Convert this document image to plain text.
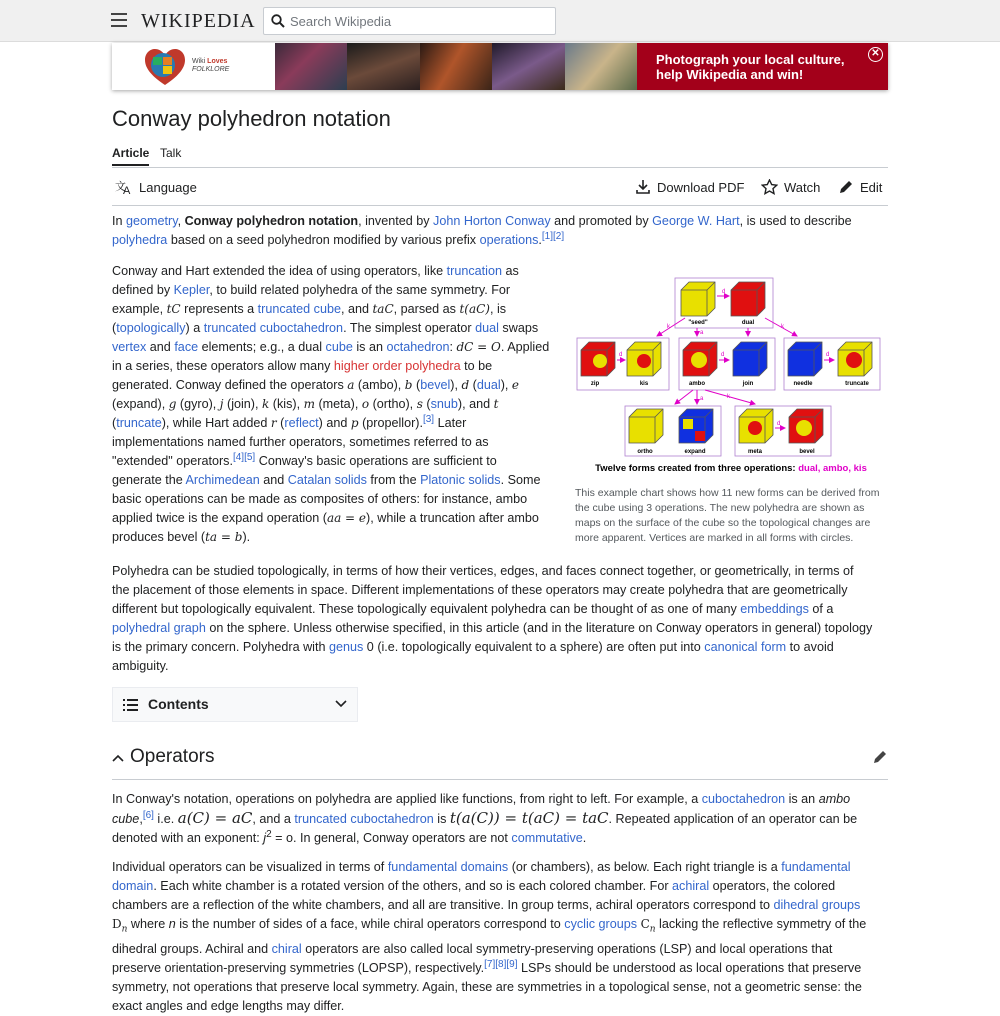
WIKIPEDIA
Search Wikipedia
Wiki Loves
FOLKLORE
Photograph your local culture,
help Wikipedia and win!
✕
Conway polyhedron notation
Article Talk
文
A Language	Download PDF	Watch	Edit
In geometry, Conway polyhedron notation, invented by John Horton Conway and promoted by George W. Hart, is used to describe
polyhedra based on a seed polyhedron modified by various prefix operations.[1][2]
Conway and Hart extended the idea of using operators, like truncation as
defined by Kepler, to build related polyhedra of the same symmetry. For
example, tC represents a truncated cube, and taC, parsed as t(aC), is
(topologically) a truncated cuboctahedron. The simplest operator dual swaps
vertex and face elements; e.g., a dual cube is an octahedron: dC = O. Applied
in a series, these operators allow many higher order polyhedra to be
generated. Conway defined the operators a (ambo), b (bevel), d (dual), e
(expand), g (gyro), j (join), k (kis), m (meta), o (ortho), s (snub), and t
(truncate), while Hart added r (reflect) and p (propellor).[3] Later
implementations named further operators, sometimes referred to as
"extended" operators.[4][5] Conway's basic operations are sufficient to
generate the Archimedean and Catalan solids from the Platonic solids. Some
basic operations can be made as composites of others: for instance, ambo
applied twice is the expand operation (aa = e), while a truncation after ambo
produces bevel (ta = b).
d
"seed"	dual
zip	kis	ambo	join	needle	truncate
ortho	expand	meta	bevel
d	d	d
d
a
a
k	k
k
Twelve forms created from three operations: dual, ambo, kis
This example chart shows how 11 new forms can be derived from the cube using 3 operations. The new polyhedra are shown as maps on the surface of the cube so the topological changes are more apparent. Vertices are marked in all forms with circles.
Polyhedra can be studied topologically, in terms of how their vertices, edges, and faces connect together, or geometrically, in terms of
the placement of those elements in space. Different implementations of these operators may create polyhedra that are geometrically
different but topologically equivalent. These topologically equivalent polyhedra can be thought of as one of many embeddings of a
polyhedral graph on the sphere. Unless otherwise specified, in this article (and in the literature on Conway operators in general) topology
is the primary concern. Polyhedra with genus 0 (i.e. topologically equivalent to a sphere) are often put into canonical form to avoid
ambiguity.
Contents
Operators
In Conway's notation, operations on polyhedra are applied like functions, from right to left. For example, a cuboctahedron is an ambo
cube,[6] i.e. a(C) = aC, and a truncated cuboctahedron is t(a(C)) = t(aC) = taC. Repeated application of an operator can be
denoted with an exponent: $j^2 = o$. In general, Conway operators are not commutative.
Individual operators can be visualized in terms of fundamental domains (or chambers), as below. Each right triangle is a fundamental
domain. Each white chamber is a rotated version of the others, and so is each colored chamber. For achiral operators, the colored
chambers are a reflection of the white chambers, and all are transitive. In group terms, achiral operators correspond to dihedral groups
$D_n$ where n is the number of sides of a face, while chiral operators correspond to cyclic groups $C_n$ lacking the reflective symmetry of the
dihedral groups. Achiral and chiral operators are also called local symmetry-preserving operations (LSP) and local operations that
preserve orientation-preserving symmetries (LOPSP), respectively.[7][8][9] LSPs should be understood as local operations that preserve
symmetry, not operations that preserve local symmetry. Again, these are symmetries in a topological sense, not a geometric sense: the
exact angles and edge lengths may differ.
